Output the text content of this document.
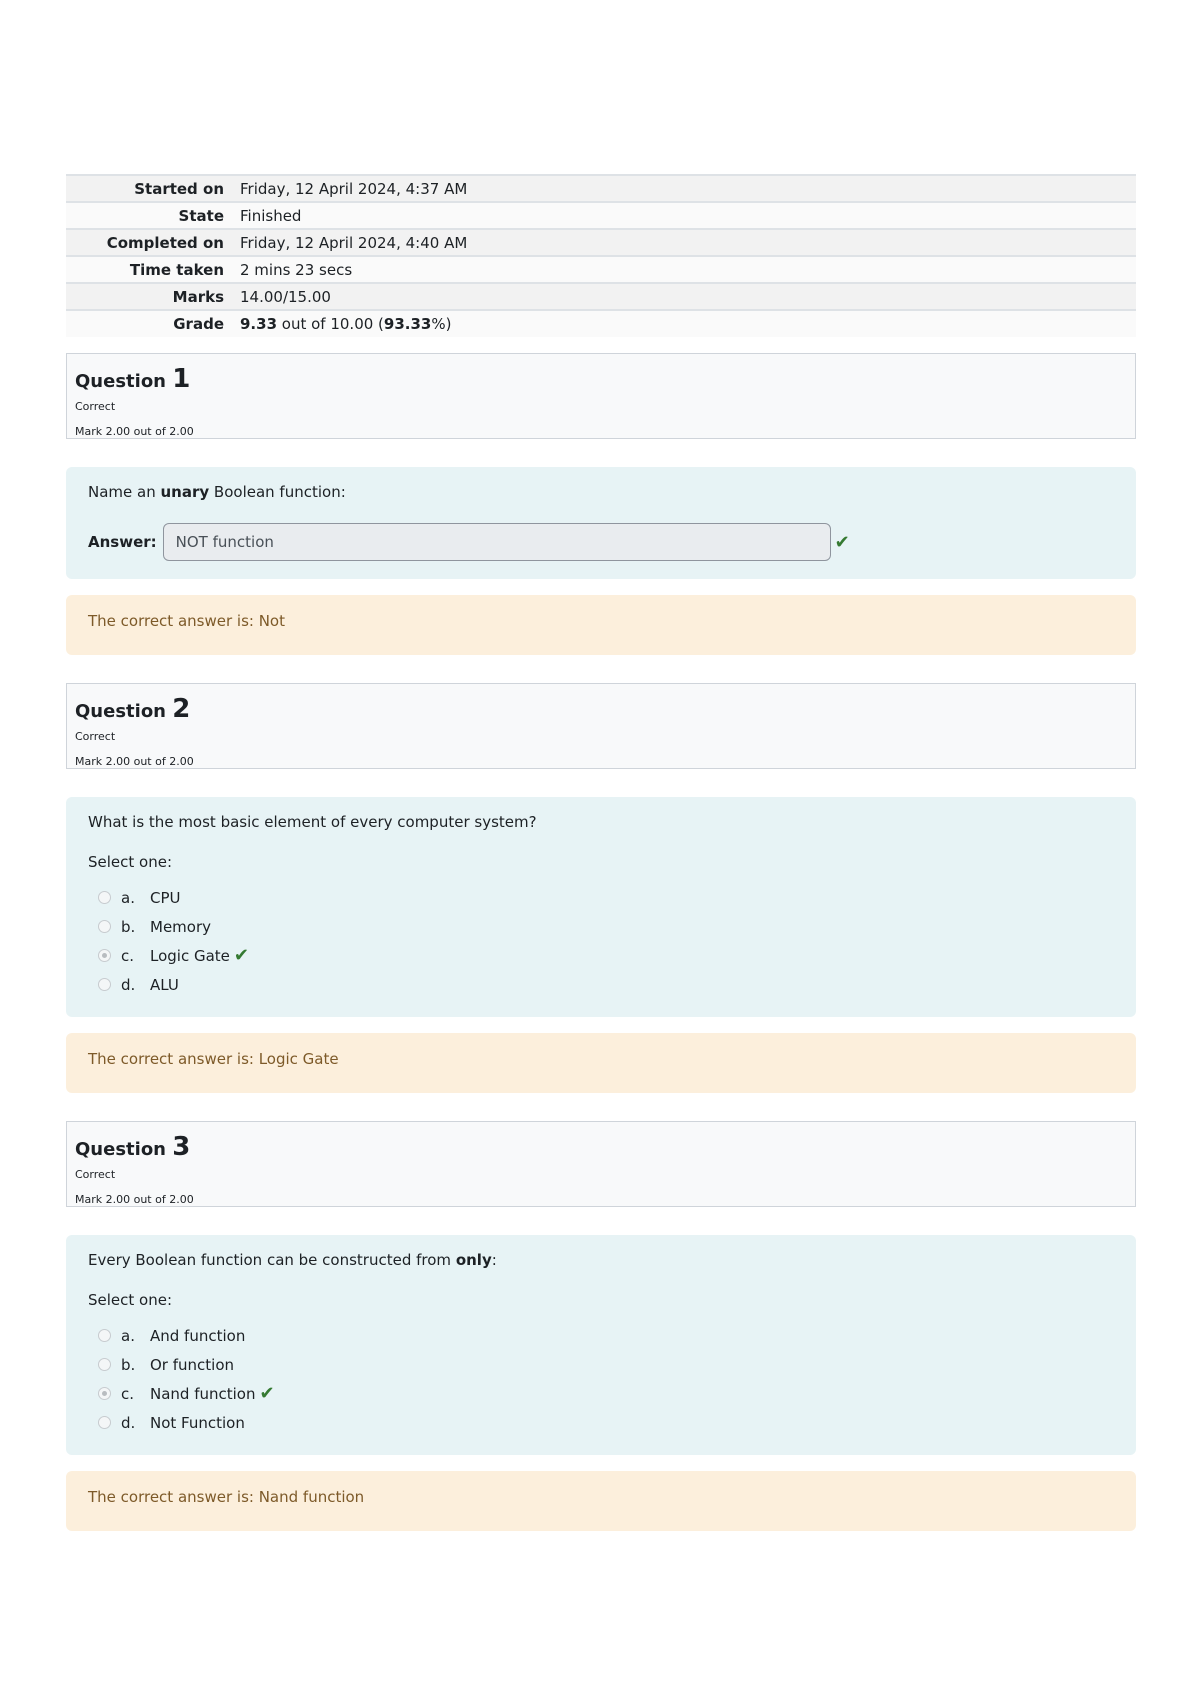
Started on	Friday, 12 April 2024, 4:37 AM
State	Finished
Completed on	Friday, 12 April 2024, 4:40 AM
Time taken	2 mins 23 secs
Marks	14.00/15.00
Grade	9.33 out of 10.00 (93.33%)
Question 1
Correct
Mark 2.00 out of 2.00

Name an unary Boolean function:

Answer:
NOT function	✔
The correct answer is: Not
Question 2
Correct
Mark 2.00 out of 2.00

What is the most basic element of every computer system?

Select one:
a.	CPU
b. Memory
c.	Logic Gate ✔
d. ALU
The correct answer is: Logic Gate
Question 3
Correct
Mark 2.00 out of 2.00

Every Boolean function can be constructed from only:

Select one:
a.	And function
b. Or function
c.	Nand function ✔
d. Not Function
The correct answer is: Nand function
